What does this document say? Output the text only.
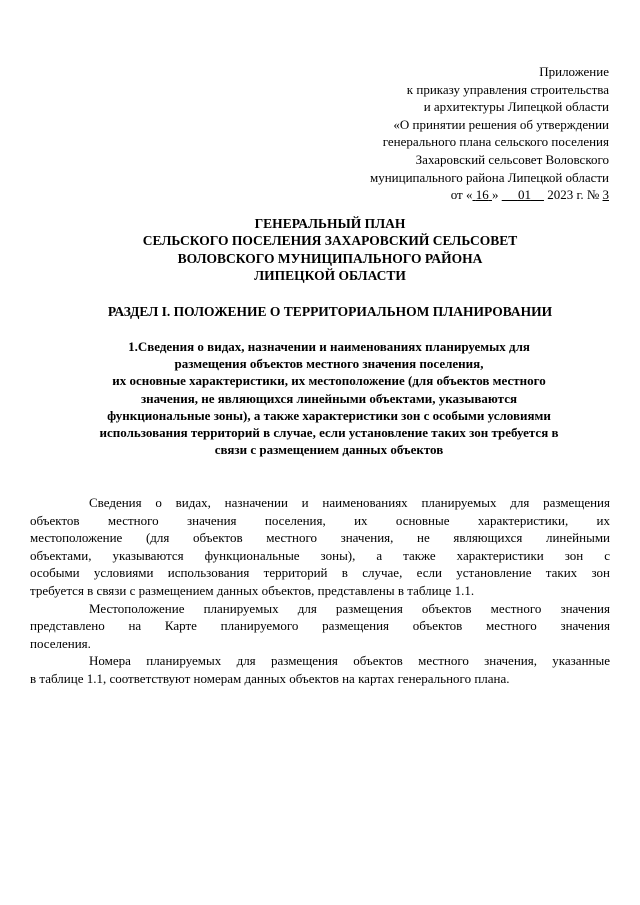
Приложение
к приказу управления строительства
и архитектуры Липецкой области
«О принятии решения об утверждении
генерального плана сельского поселения
Захаровский сельсовет Воловского
муниципального района Липецкой области
от « 16 » 01 2023 г. № 3
ГЕНЕРАЛЬНЫЙ ПЛАН
СЕЛЬСКОГО ПОСЕЛЕНИЯ ЗАХАРОВСКИЙ СЕЛЬСОВЕТ
ВОЛОВСКОГО МУНИЦИПАЛЬНОГО РАЙОНА
ЛИПЕЦКОЙ ОБЛАСТИ
РАЗДЕЛ I. ПОЛОЖЕНИЕ О ТЕРРИТОРИАЛЬНОМ ПЛАНИРОВАНИИ
1.Сведения о видах, назначении и наименованиях планируемых для
размещения объектов местного значения поселения,
их основные характеристики, их местоположение (для объектов местного
значения, не являющихся линейными объектами, указываются
функциональные зоны), а также характеристики зон с особыми условиями
использования территорий в случае, если установление таких зон требуется в
связи с размещением данных объектов
Сведения о видах, назначении и наименованиях планируемых для размещения
объектов местного значения поселения, их основные характеристики, их
местоположение (для объектов местного значения, не являющихся линейными
объектами, указываются функциональные зоны), а также характеристики зон с
особыми условиями использования территорий в случае, если установление таких зон
требуется в связи с размещением данных объектов, представлены в таблице 1.1.
Местоположение планируемых для размещения объектов местного значения
представлено на Карте планируемого размещения объектов местного значения
поселения.
Номера планируемых для размещения объектов местного значения, указанные
в таблице 1.1, соответствуют номерам данных объектов на картах генерального плана.
